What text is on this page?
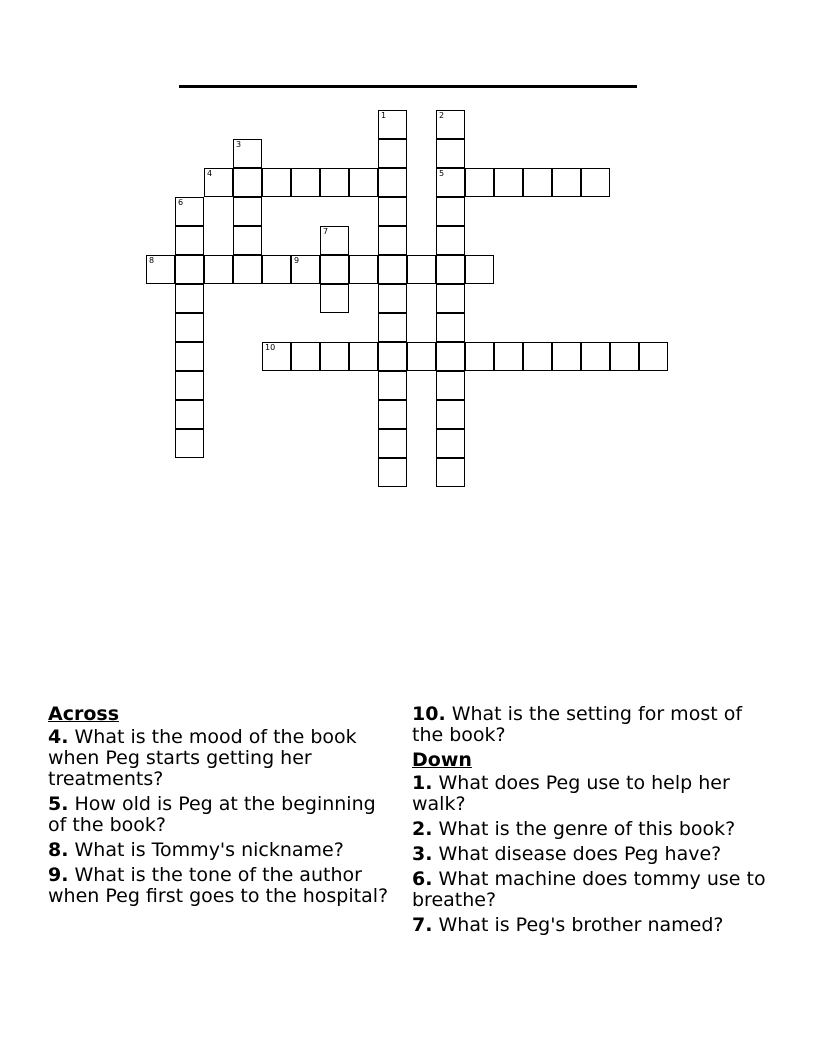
1	2
5
3
4
6
7
8	9
10
Across
4. What is the mood of the book when Peg starts getting her treatments?
5. How old is Peg at the beginning of the book?
8. What is Tommy's nickname?
9. What is the tone of the author when Peg first goes to the hospital?
10. What is the setting for most of the book?
Down
1. What does Peg use to help her walk?
2. What is the genre of this book?
3. What disease does Peg have?
6. What machine does tommy use to breathe?
7. What is Peg's brother named?
